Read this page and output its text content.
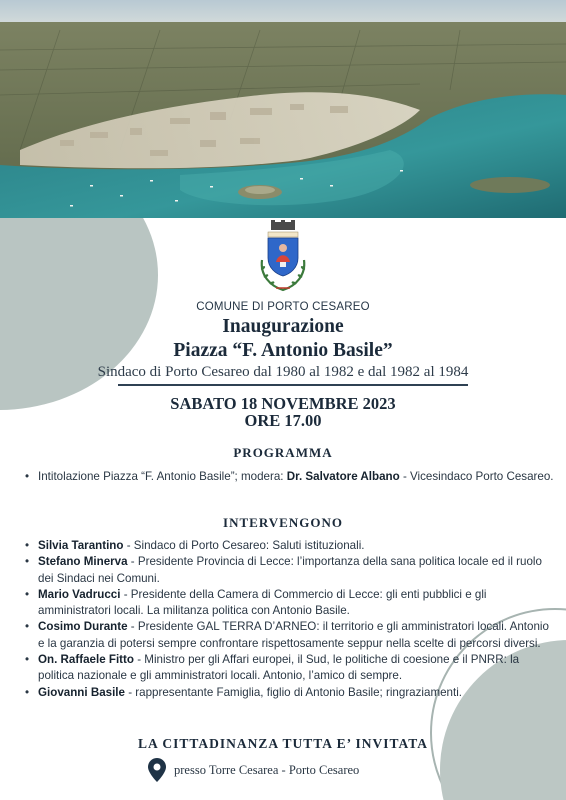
COMUNE DI PORTO CESAREO
Inaugurazione
Piazza “F. Antonio Basile”
Sindaco di Porto Cesareo dal 1980 al 1982 e dal 1982 al 1984
SABATO 18 NOVEMBRE 2023
ORE 17.00
PROGRAMMA
• Intitolazione Piazza “F. Antonio Basile”; modera: Dr. Salvatore Albano - Vicesindaco Porto Cesareo.
INTERVENGONO
• Silvia Tarantino - Sindaco di Porto Cesareo: Saluti istituzionali.
• Stefano Minerva - Presidente Provincia di Lecce: l’importanza della sana politica locale ed il ruolo dei Sindaci nei Comuni.
• Mario Vadrucci - Presidente della Camera di Commercio di Lecce: gli enti pubblici e gli amministratori locali. La militanza politica con Antonio Basile.
• Cosimo Durante - Presidente GAL TERRA D’ARNEO: il territorio e gli amministratori locali. Antonio e la garanzia di potersi sempre confrontare rispettosamente seppur nella scelte di percorsi diversi.
• On. Raffaele Fitto - Ministro per gli Affari europei, il Sud, le politiche di coesione e il PNRR: la politica nazionale e gli amministratori locali. Antonio, l’amico di sempre.
• Giovanni Basile - rappresentante Famiglia, figlio di Antonio Basile; ringraziamenti.
LA CITTADINANZA TUTTA E’ INVITATA
presso Torre Cesarea - Porto Cesareo
